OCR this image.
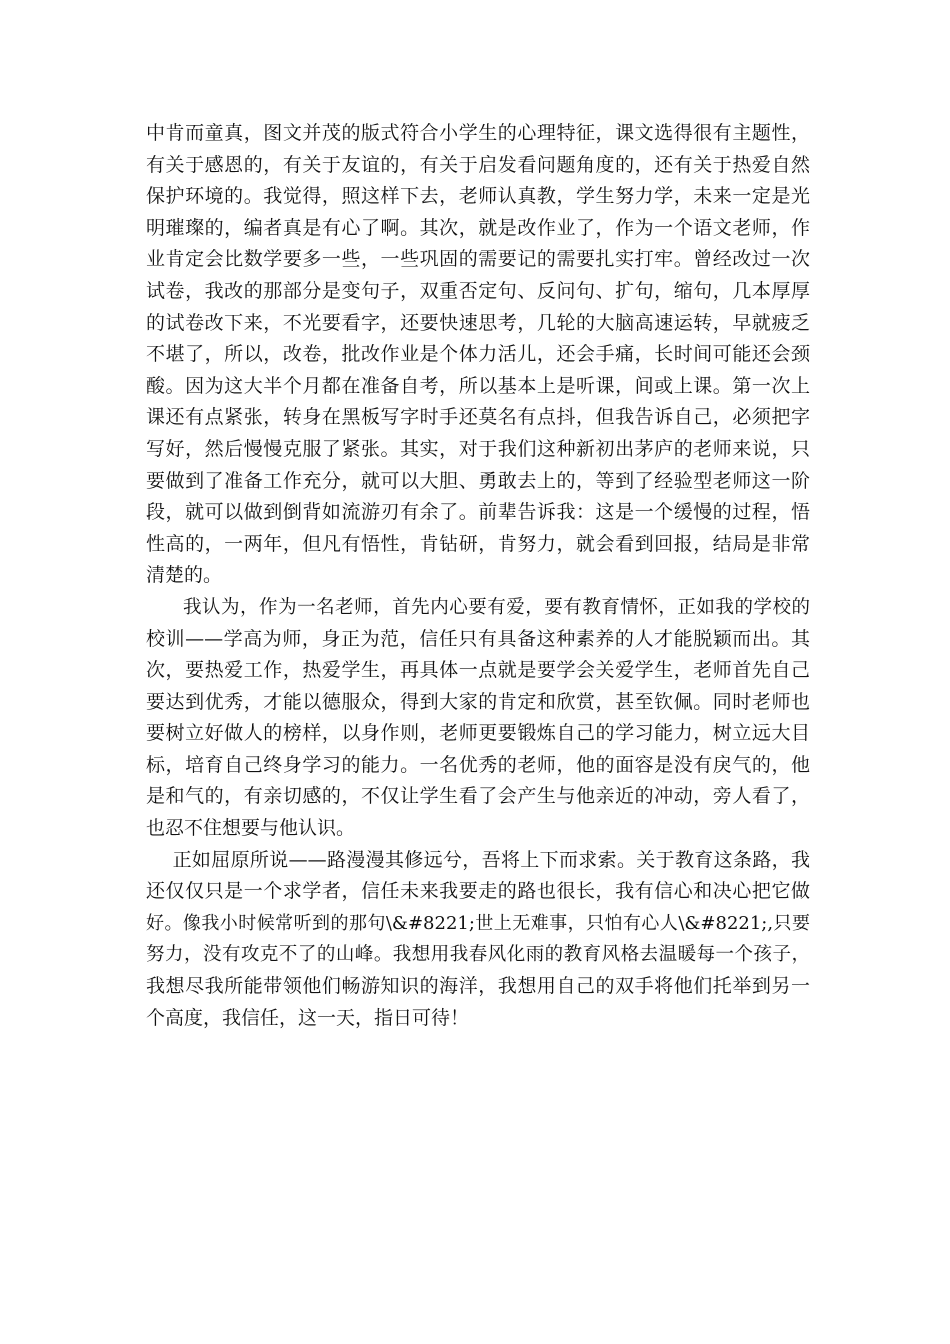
中肯而童真，图文并茂的版式符合小学生的心理特征，课文选得很有主题性，
有关于感恩的，有关于友谊的，有关于启发看问题角度的，还有关于热爱自然
保护环境的。我觉得，照这样下去，老师认真教，学生努力学，未来一定是光
明璀璨的，编者真是有心了啊。其次，就是改作业了，作为一个语文老师，作
业肯定会比数学要多一些，一些巩固的需要记的需要扎实打牢。曾经改过一次
试卷，我改的那部分是变句子，双重否定句、反问句、扩句，缩句，几本厚厚
的试卷改下来，不光要看字，还要快速思考，几轮的大脑高速运转，早就疲乏
不堪了，所以，改卷，批改作业是个体力活儿，还会手痛，长时间可能还会颈
酸。因为这大半个月都在准备自考，所以基本上是听课，间或上课。第一次上
课还有点紧张，转身在黑板写字时手还莫名有点抖，但我告诉自己，必须把字
写好，然后慢慢克服了紧张。其实，对于我们这种新初出茅庐的老师来说，只
要做到了准备工作充分，就可以大胆、勇敢去上的，等到了经验型老师这一阶
段，就可以做到倒背如流游刃有余了。前辈告诉我：这是一个缓慢的过程，悟
性高的，一两年，但凡有悟性，肯钻研，肯努力，就会看到回报，结局是非常
清楚的。
我认为，作为一名老师，首先内心要有爱，要有教育情怀，正如我的学校的
校训——学高为师，身正为范，信任只有具备这种素养的人才能脱颖而出。其
次，要热爱工作，热爱学生，再具体一点就是要学会关爱学生，老师首先自己
要达到优秀，才能以德服众，得到大家的肯定和欣赏，甚至钦佩。同时老师也
要树立好做人的榜样，以身作则，老师更要锻炼自己的学习能力，树立远大目
标，培育自己终身学习的能力。一名优秀的老师，他的面容是没有戾气的，他
是和气的，有亲切感的，不仅让学生看了会产生与他亲近的冲动，旁人看了，
也忍不住想要与他认识。
正如屈原所说——路漫漫其修远兮，吾将上下而求索。关于教育这条路，我
还仅仅只是一个求学者，信任未来我要走的路也很长，我有信心和决心把它做
好。像我小时候常听到的那句\&#8221;世上无难事，只怕有心人\&#8221;,只要
努力，没有攻克不了的山峰。我想用我春风化雨的教育风格去温暖每一个孩子，
我想尽我所能带领他们畅游知识的海洋，我想用自己的双手将他们托举到另一
个高度，我信任，这一天，指日可待！
